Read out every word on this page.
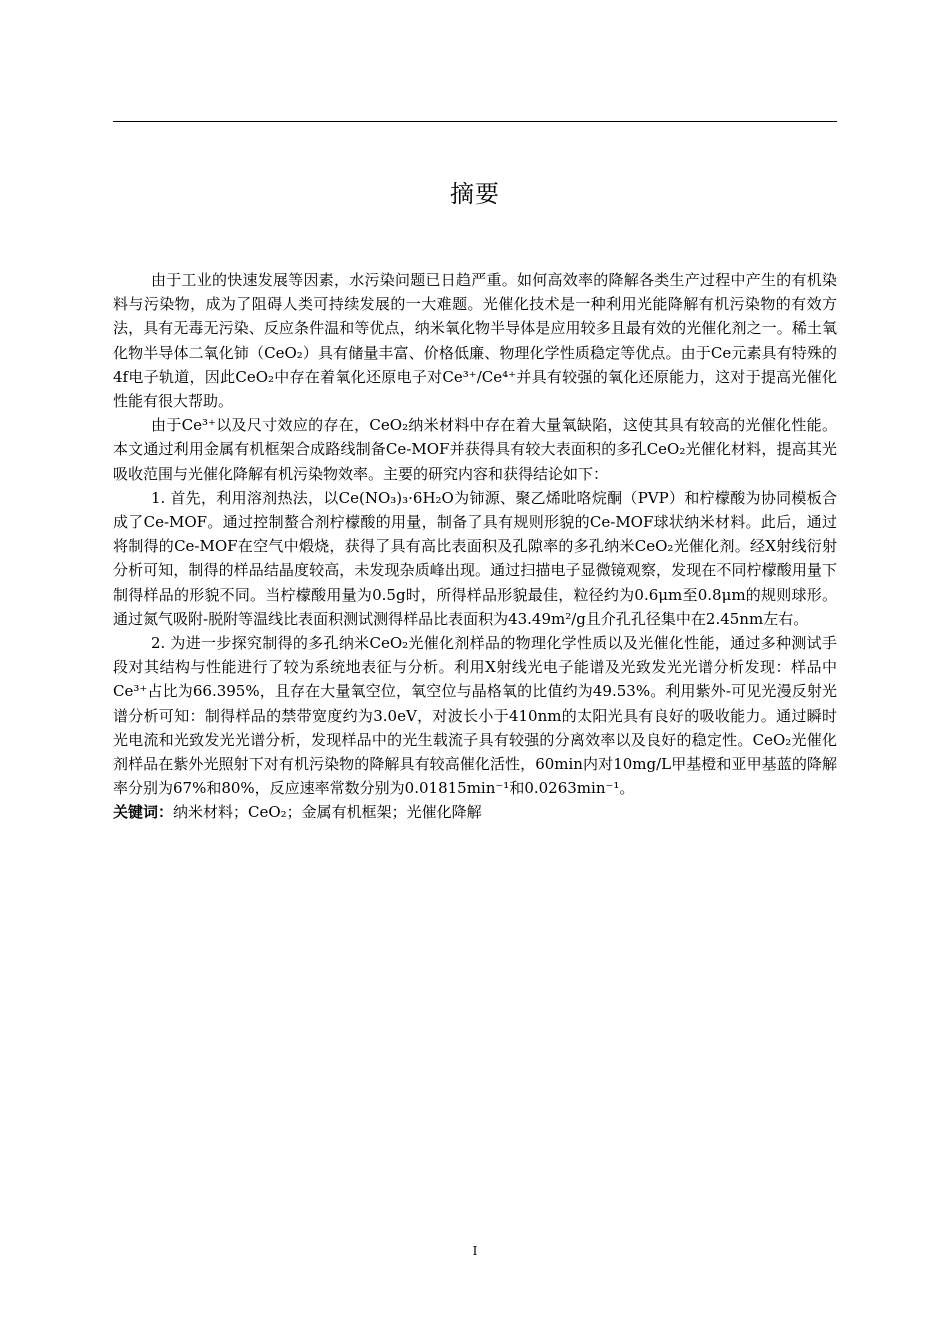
摘要

由于工业的快速发展等因素，水污染问题已日趋严重。如何高效率的降解各类生产过程中产生的有机染料与污染物，成为了阻碍人类可持续发展的一大难题。光催化技术是一种利用光能降解有机污染物的有效方法，具有无毒无污染、反应条件温和等优点，纳米氧化物半导体是应用较多且最有效的光催化剂之一。稀土氧化物半导体二氧化铈（CeO₂）具有储量丰富、价格低廉、物理化学性质稳定等优点。由于Ce元素具有特殊的4f电子轨道，因此CeO₂中存在着氧化还原电子对Ce³⁺/Ce⁴⁺并具有较强的氧化还原能力，这对于提高光催化性能有很大帮助。

由于Ce³⁺以及尺寸效应的存在，CeO₂纳米材料中存在着大量氧缺陷，这使其具有较高的光催化性能。本文通过利用金属有机框架合成路线制备Ce-MOF并获得具有较大表面积的多孔CeO₂光催化材料，提高其光吸收范围与光催化降解有机污染物效率。主要的研究内容和获得结论如下：

1. 首先，利用溶剂热法，以Ce(NO₃)₃·6H₂O为铈源、聚乙烯吡咯烷酮（PVP）和柠檬酸为协同模板合成了Ce-MOF。通过控制螯合剂柠檬酸的用量，制备了具有规则形貌的Ce-MOF球状纳米材料。此后，通过将制得的Ce-MOF在空气中煅烧，获得了具有高比表面积及孔隙率的多孔纳米CeO₂光催化剂。经X射线衍射分析可知，制得的样品结晶度较高，未发现杂质峰出现。通过扫描电子显微镜观察，发现在不同柠檬酸用量下制得样品的形貌不同。当柠檬酸用量为0.5g时，所得样品形貌最佳，粒径约为0.6μm至0.8μm的规则球形。通过氮气吸附-脱附等温线比表面积测试测得样品比表面积为43.49m²/g且介孔孔径集中在2.45nm左右。

2. 为进一步探究制得的多孔纳米CeO₂光催化剂样品的物理化学性质以及光催化性能，通过多种测试手段对其结构与性能进行了较为系统地表征与分析。利用X射线光电子能谱及光致发光光谱分析发现：样品中Ce³⁺占比为66.395%，且存在大量氧空位，氧空位与晶格氧的比值约为49.53%。利用紫外-可见光漫反射光谱分析可知：制得样品的禁带宽度约为3.0eV，对波长小于410nm的太阳光具有良好的吸收能力。通过瞬时光电流和光致发光光谱分析，发现样品中的光生载流子具有较强的分离效率以及良好的稳定性。CeO₂光催化剂样品在紫外光照射下对有机污染物的降解具有较高催化活性，60min内对10mg/L甲基橙和亚甲基蓝的降解率分别为67%和80%，反应速率常数分别为0.01815min⁻¹和0.0263min⁻¹。

关键词：纳米材料；CeO₂；金属有机框架；光催化降解

I
